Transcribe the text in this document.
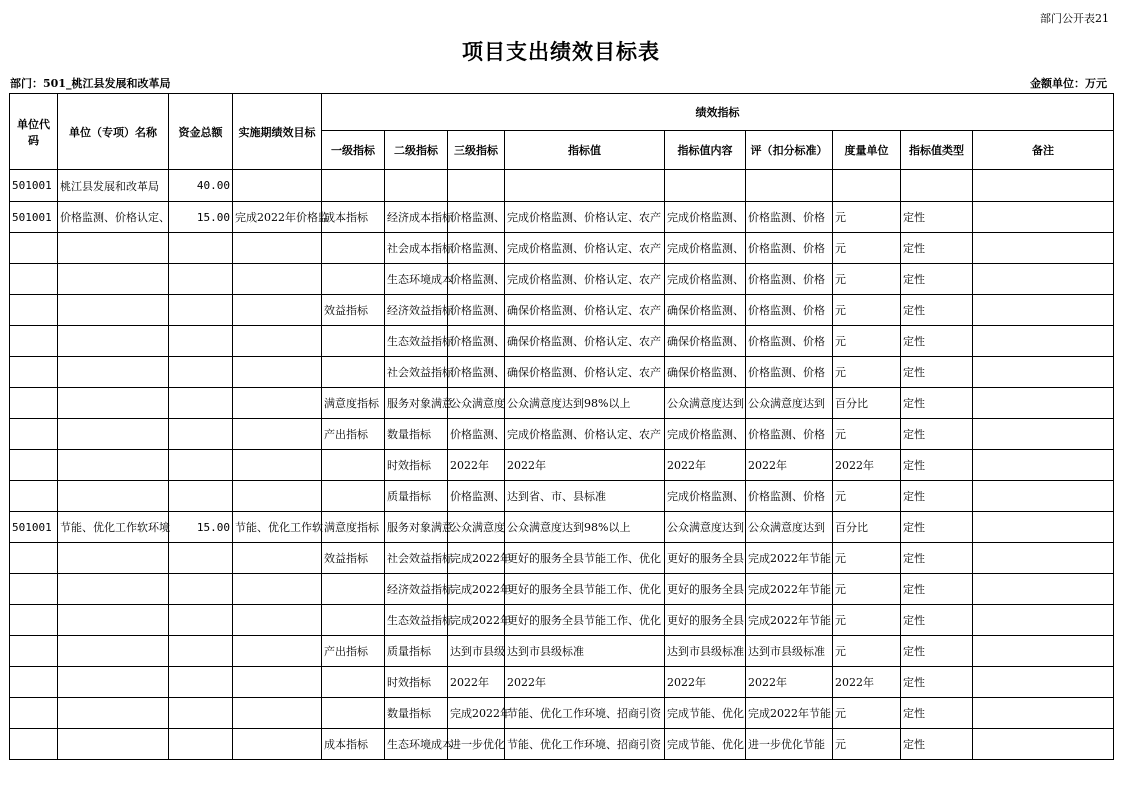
部门公开表21
项目支出绩效目标表
部门：501_桃江县发展和改革局	金额单位：万元
单位代码	单位（专项）名称	资金总额	实施期绩效目标	绩效指标								
				一级指标	二级指标	三级指标	指标值	指标值内容	评（扣分标准）	度量单位	指标值类型	备注
501001	桃江县发展和改革局	40.00										
501001	价格监测、价格认定、	15.00	完成2022年价格监	成本指标	经济成本指标	价格监测、	完成价格监测、价格认定、农产	完成价格监测、	价格监测、价格	元	定性	
					社会成本指标	价格监测、	完成价格监测、价格认定、农产	完成价格监测、	价格监测、价格	元	定性	
					生态环境成本	价格监测、	完成价格监测、价格认定、农产	完成价格监测、	价格监测、价格	元	定性	
				效益指标	经济效益指标	价格监测、	确保价格监测、价格认定、农产	确保价格监测、	价格监测、价格	元	定性	
					生态效益指标	价格监测、	确保价格监测、价格认定、农产	确保价格监测、	价格监测、价格	元	定性	
					社会效益指标	价格监测、	确保价格监测、价格认定、农产	确保价格监测、	价格监测、价格	元	定性	
				满意度指标	服务对象满意	公众满意度	公众满意度达到98%以上	公众满意度达到	公众满意度达到	百分比	定性	
				产出指标	数量指标	价格监测、	完成价格监测、价格认定、农产	完成价格监测、	价格监测、价格	元	定性	
					时效指标	2022年	2022年	2022年	2022年	2022年	定性	
					质量指标	价格监测、	达到省、市、县标准	完成价格监测、	价格监测、价格	元	定性	
501001	节能、优化工作软环境	15.00	节能、优化工作软	满意度指标	服务对象满意	公众满意度	公众满意度达到98%以上	公众满意度达到	公众满意度达到	百分比	定性	
				效益指标	社会效益指标	完成2022年	更好的服务全县节能工作、优化	更好的服务全县	完成2022年节能	元	定性	
					经济效益指标	完成2022年	更好的服务全县节能工作、优化	更好的服务全县	完成2022年节能	元	定性	
					生态效益指标	完成2022年	更好的服务全县节能工作、优化	更好的服务全县	完成2022年节能	元	定性	
				产出指标	质量指标	达到市县级	达到市县级标准	达到市县级标准	达到市县级标准	元	定性	
					时效指标	2022年	2022年	2022年	2022年	2022年	定性	
					数量指标	完成2022年	节能、优化工作环境、招商引资	完成节能、优化	完成2022年节能	元	定性	
				成本指标	生态环境成本	进一步优化	节能、优化工作环境、招商引资	完成节能、优化	进一步优化节能	元	定性	
